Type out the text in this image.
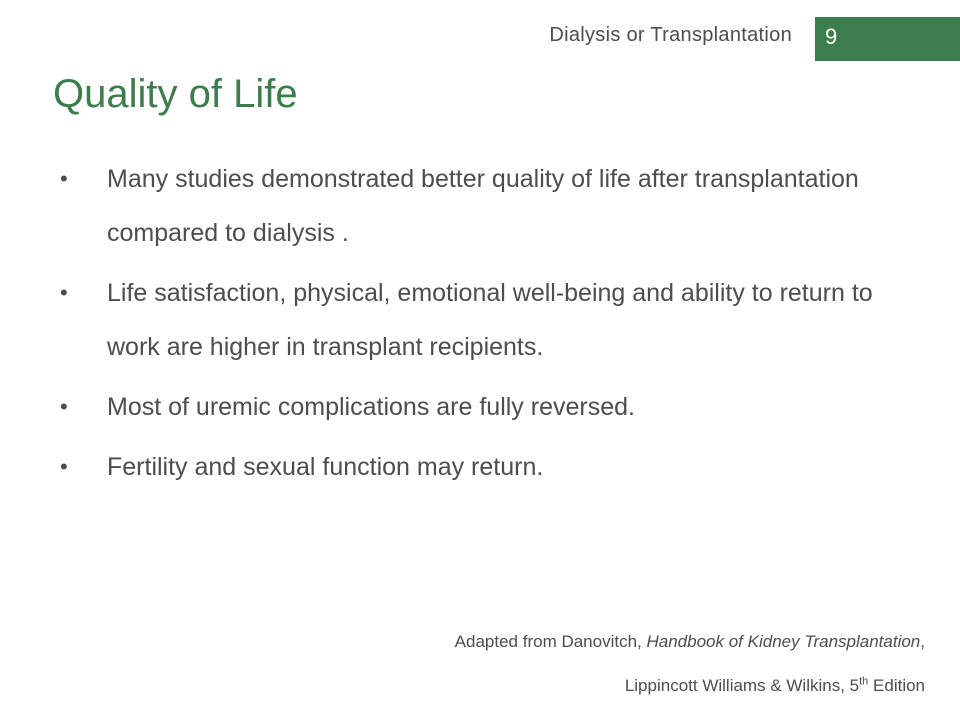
Dialysis or Transplantation	9
Quality of Life
• Many studies demonstrated better quality of life after transplantation compared to dialysis .
• Life satisfaction, physical, emotional well-being and ability to return to work are higher in transplant recipients.
• Most of uremic complications are fully reversed.
• Fertility and sexual function may return.
Adapted from Danovitch, Handbook of Kidney Transplantation,
Lippincott Williams & Wilkins, 5th Edition
